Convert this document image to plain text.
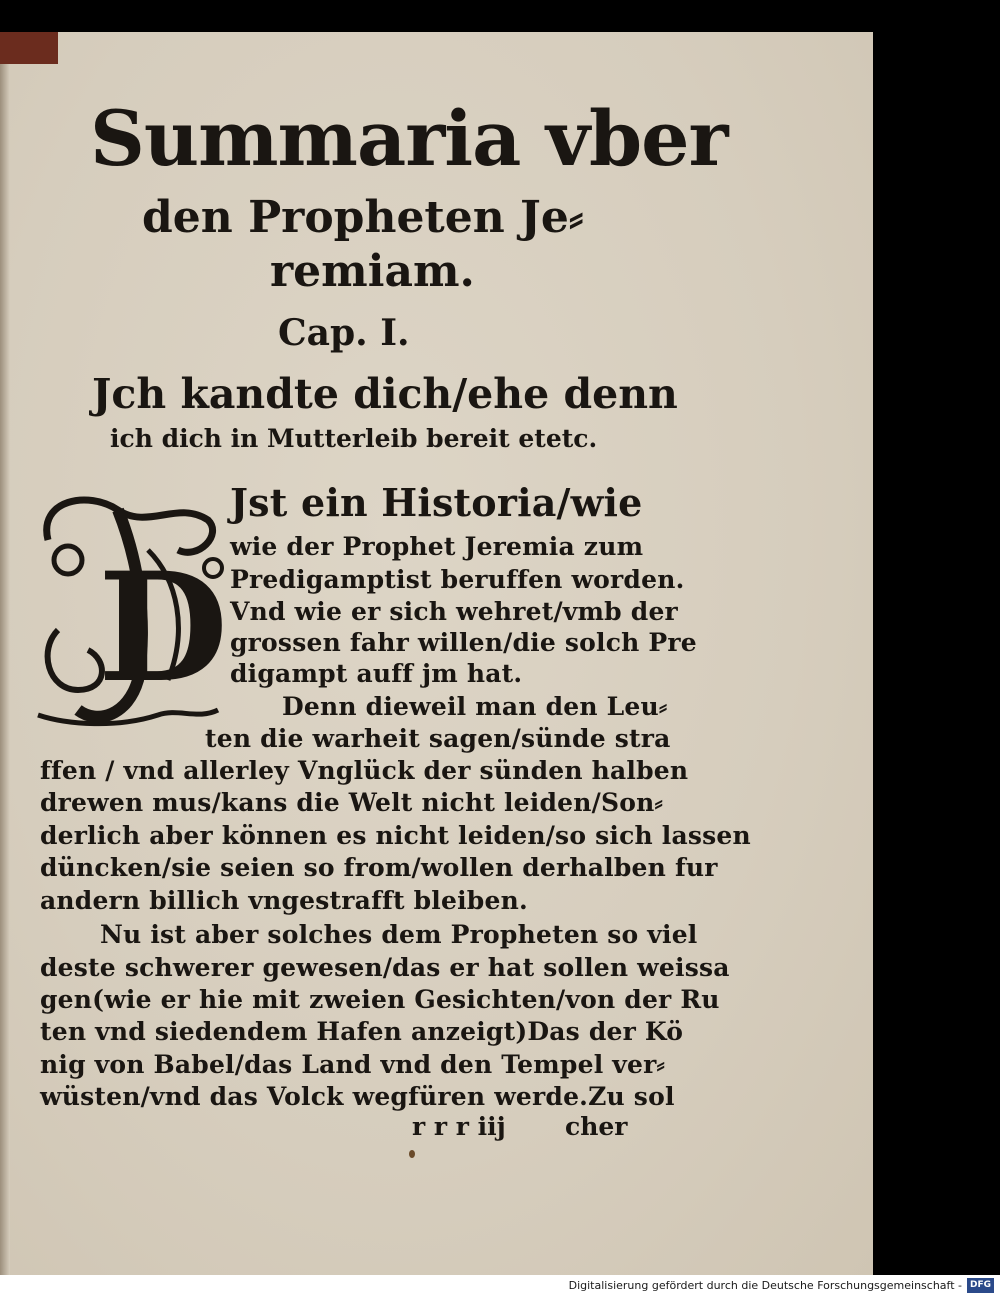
Summaria vber
den Propheten Je⸗
remiam.
Cap. I.
Jch kandte dich/ehe denn
ich dich in Mutterleib bereit etetc.
D
Jst ein Historia/wie
wie der Prophet Jeremia zum
Predigamptist beruffen worden.
Vnd wie er sich wehret/vmb der
grossen fahr willen/die solch Pre
digampt auff jm hat.
Denn dieweil man den Leu⸗
ten die warheit sagen/sünde stra
ffen / vnd allerley Vnglück der sünden halben
drewen mus/kans die Welt nicht leiden/Son⸗
derlich aber können es nicht leiden/so sich lassen
düncken/sie seien so from/wollen derhalben fur
andern billich vngestrafft bleiben.
Nu ist aber solches dem Propheten so viel
deste schwerer gewesen/das er hat sollen weissa
gen(wie er hie mit zweien Gesichten/von der Ru
ten vnd siedendem Hafen anzeigt)Das der Kö
nig von Babel/das Land vnd den Tempel ver⸗
wüsten/vnd das Volck wegfüren werde.Zu sol
r r r iij cher
Digitalisierung gefördert durch die Deutsche Forschungsgemeinschaft - DFG
